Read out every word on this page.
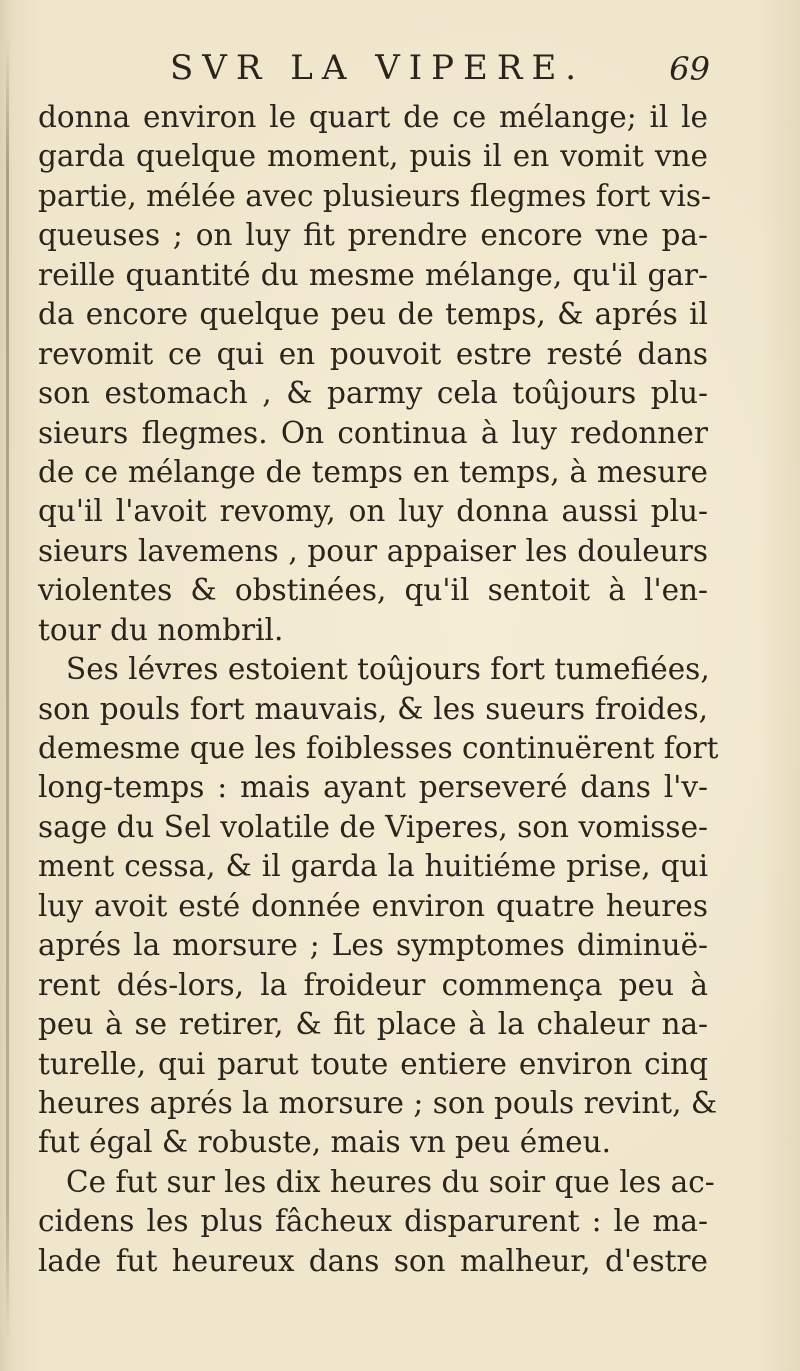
SVR LA VIPERE.	69
donna environ le quart de ce mélange; il le
garda quelque moment, puis il en vomit vne
partie, mélée avec plusieurs flegmes fort vis-
queuses ; on luy fit prendre encore vne pa-
reille quantité du mesme mélange, qu'il gar-
da encore quelque peu de temps, & aprés il
revomit ce qui en pouvoit estre resté dans
son estomach , & parmy cela toûjours plu-
sieurs flegmes. On continua à luy redonner
de ce mélange de temps en temps, à mesure
qu'il l'avoit revomy, on luy donna aussi plu-
sieurs lavemens , pour appaiser les douleurs
violentes & obstinées, qu'il sentoit à l'en-
tour du nombril.
Ses lévres estoient toûjours fort tumefiées,
son pouls fort mauvais, & les sueurs froides,
demesme que les foiblesses continuërent fort
long-temps : mais ayant perseveré dans l'v-
sage du Sel volatile de Viperes, son vomisse-
ment cessa, & il garda la huitiéme prise, qui
luy avoit esté donnée environ quatre heures
aprés la morsure ; Les symptomes diminuë-
rent dés-lors, la froideur commença peu à
peu à se retirer, & fit place à la chaleur na-
turelle, qui parut toute entiere environ cinq
heures aprés la morsure ; son pouls revint, &
fut égal & robuste, mais vn peu émeu.
Ce fut sur les dix heures du soir que les ac-
cidens les plus fâcheux disparurent : le ma-
lade fut heureux dans son malheur, d'estre
